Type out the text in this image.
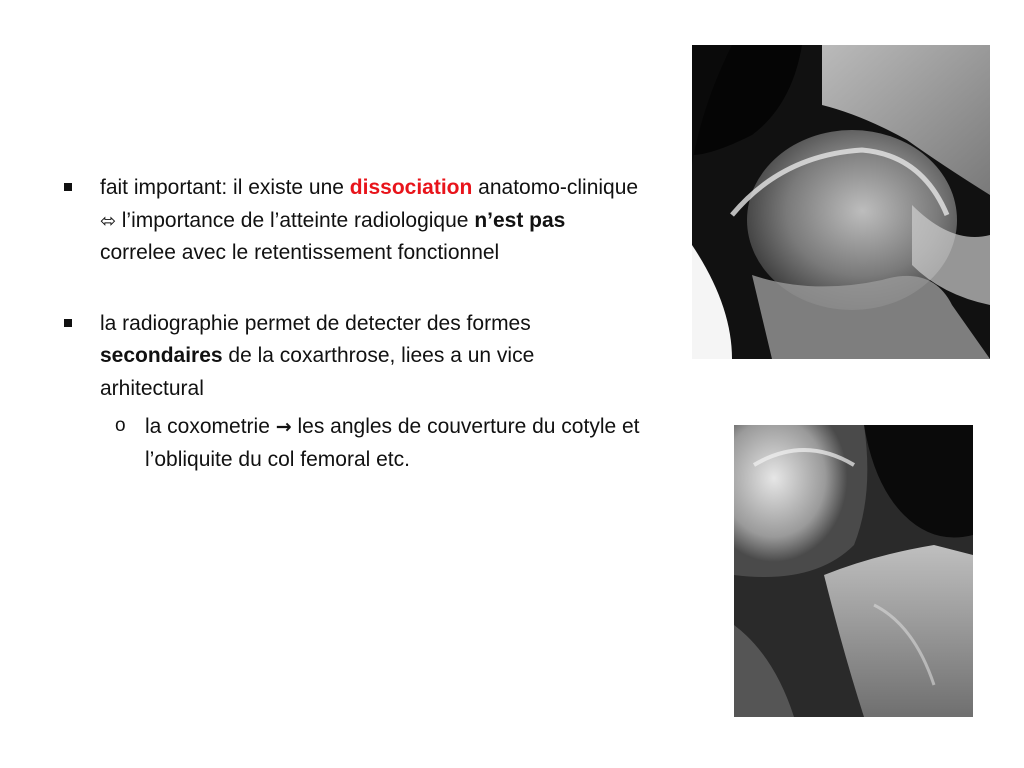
fait important: il existe une dissociation anatomo-clinique ⬄ l’importance de l’atteinte radiologique n’est pas correlee avec le retentissement fonctionnel
la radiographie permet de detecter des formes secondaires de la coxarthrose, liees a un vice arhitectural
o la coxometrie → les angles de couverture du cotyle et l’obliquite du col femoral etc.
